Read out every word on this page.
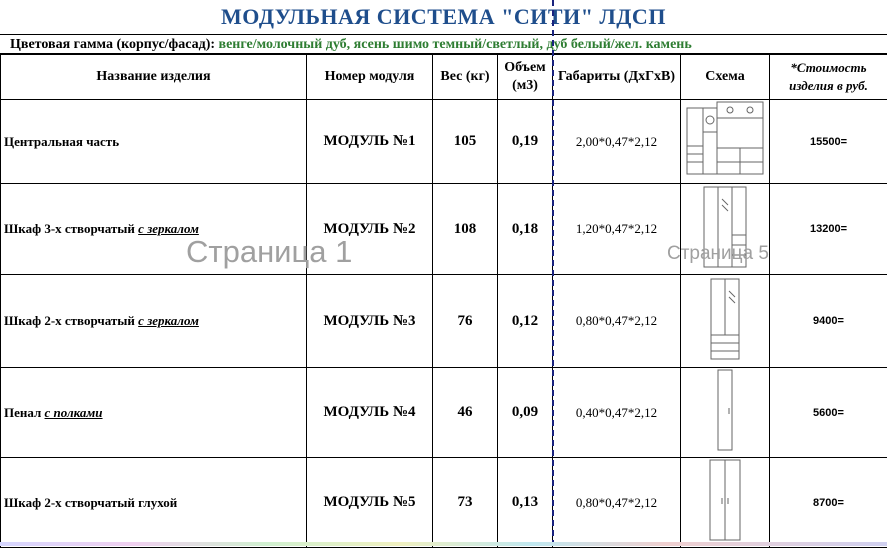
МОДУЛЬНАЯ СИСТЕМА "СИТИ" ЛДСП
Цветовая гамма (корпус/фасад): венге/молочный дуб, ясень шимо темный/светлый, дуб белый/жел. камень
Название изделия	Номер модуля	Вес (кг)	Объем (м3)	Габариты (ДхГхВ)	Схема	*Стоимость изделия в руб.
Центральная часть	МОДУЛЬ №1	105	0,19	2,00*0,47*2,12		15500=
Шкаф 3-х створчатый с зеркалом	МОДУЛЬ №2	108	0,18	1,20*0,47*2,12		13200=
Шкаф 2-х створчатый с зеркалом	МОДУЛЬ №3	76	0,12	0,80*0,47*2,12		9400=
Пенал с полками	МОДУЛЬ №4	46	0,09	0,40*0,47*2,12		5600=
Шкаф 2-х створчатый глухой	МОДУЛЬ №5	73	0,13	0,80*0,47*2,12		8700=
Страница 1	Страница 5
